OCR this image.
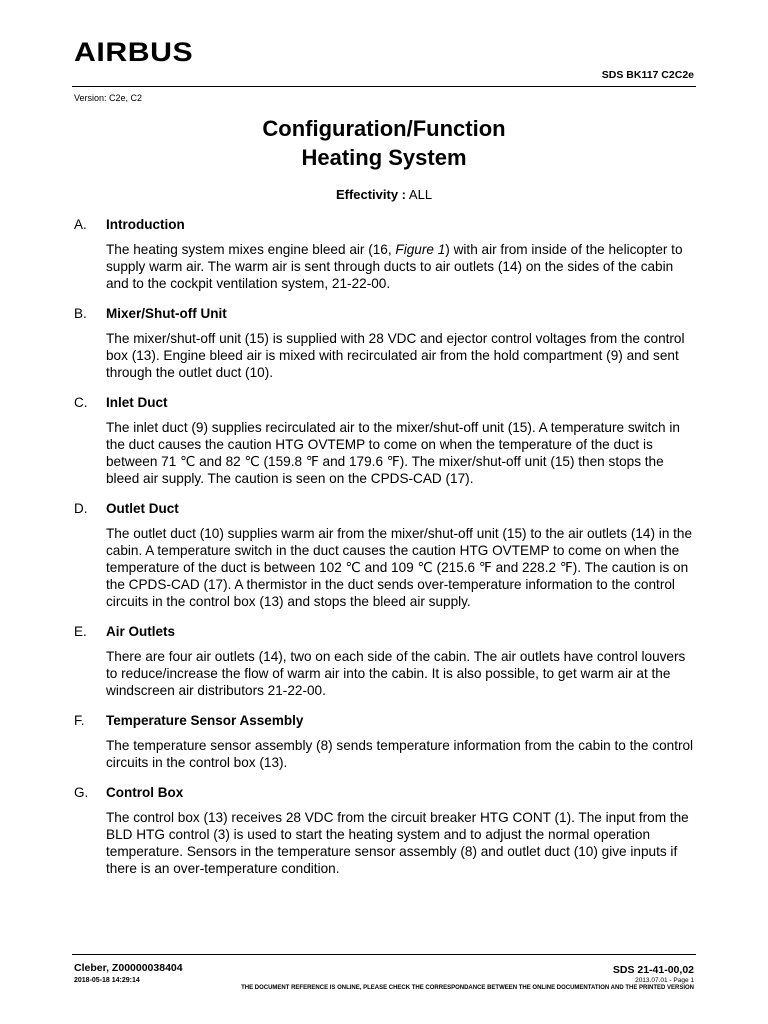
AIRBUS
SDS BK117 C2C2e
Version: C2e, C2
Configuration/Function
Heating System
Effectivity : ALL
A.	Introduction
The heating system mixes engine bleed air (16, Figure 1) with air from inside of the helicopter to supply warm air. The warm air is sent through ducts to air outlets (14) on the sides of the cabin and to the cockpit ventilation system, 21-22-00.
B.	Mixer/Shut-off Unit
The mixer/shut-off unit (15) is supplied with 28 VDC and ejector control voltages from the control box (13). Engine bleed air is mixed with recirculated air from the hold compartment (9) and sent through the outlet duct (10).
C.	Inlet Duct
The inlet duct (9) supplies recirculated air to the mixer/shut-off unit (15). A temperature switch in the duct causes the caution HTG OVTEMP to come on when the temperature of the duct is between 71 ℃ and 82 ℃ (159.8 ℉ and 179.6 ℉). The mixer/shut-off unit (15) then stops the bleed air supply. The caution is seen on the CPDS-CAD (17).
D.	Outlet Duct
The outlet duct (10) supplies warm air from the mixer/shut-off unit (15) to the air outlets (14) in the cabin. A temperature switch in the duct causes the caution HTG OVTEMP to come on when the temperature of the duct is between 102 ℃ and 109 ℃ (215.6 ℉ and 228.2 ℉). The caution is on the CPDS-CAD (17). A thermistor in the duct sends over-temperature information to the control circuits in the control box (13) and stops the bleed air supply.
E.	Air Outlets
There are four air outlets (14), two on each side of the cabin. The air outlets have control louvers to reduce/increase the flow of warm air into the cabin. It is also possible, to get warm air at the windscreen air distributors 21-22-00.
F.	Temperature Sensor Assembly
The temperature sensor assembly (8) sends temperature information from the cabin to the control circuits in the control box (13).
G.	Control Box
The control box (13) receives 28 VDC from the circuit breaker HTG CONT (1). The input from the BLD HTG control (3) is used to start the heating system and to adjust the normal operation temperature. Sensors in the temperature sensor assembly (8) and outlet duct (10) give inputs if there is an over-temperature condition.
Cleber, Z00000038404
2018-05-18 14:29:14
SDS 21-41-00,02
2013.07.01 - Page 1
THE DOCUMENT REFERENCE IS ONLINE, PLEASE CHECK THE CORRESPONDANCE BETWEEN THE ONLINE DOCUMENTATION AND THE PRINTED VERSION
